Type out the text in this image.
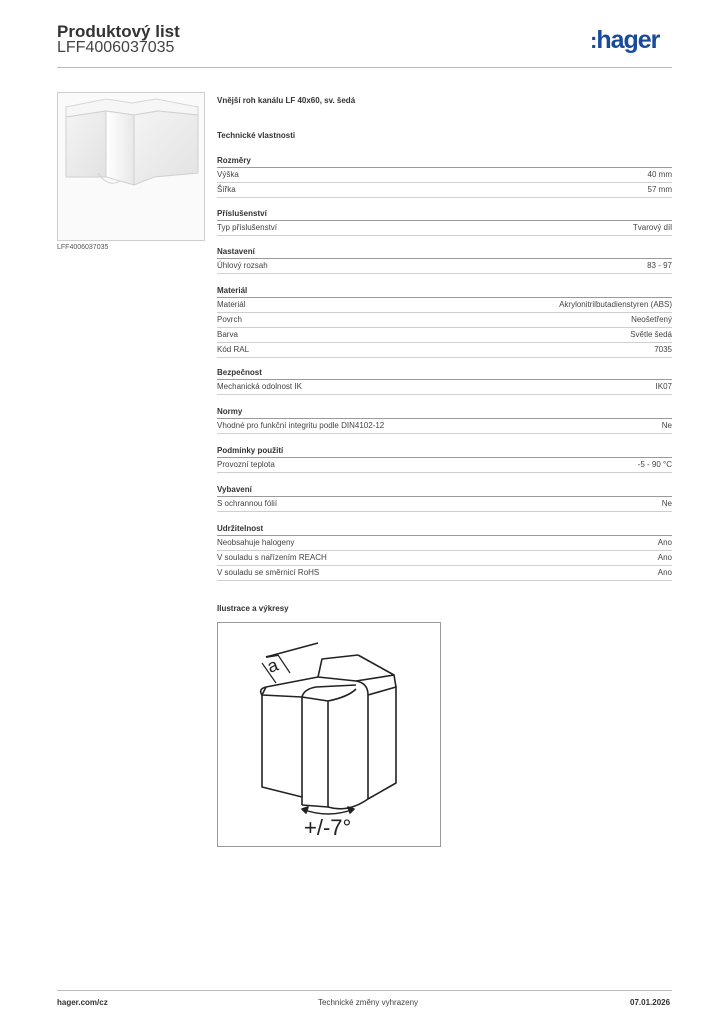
Produktový list
LFF4006037035	:hager
LFF4006037035
Vnější roh kanálu LF 40x60, sv. šedá
Technické vlastnosti
Rozměry
Výška	40 mm
Šířka	57 mm
Příslušenství
Typ příslušenství	Tvarový díl
Nastavení
Úhlový rozsah	83 - 97
Materiál
Materiál	Akrylonitrilbutadienstyren (ABS)
Povrch	Neošetřený
Barva	Světle šedá
Kód RAL	7035
Bezpečnost
Mechanická odolnost IK	IK07
Normy
Vhodné pro funkční integritu podle DIN4102-12	Ne
Podmínky použití
Provozní teplota	-5 - 90 °C
Vybavení
S ochrannou fólií	Ne
Udržitelnost
Neobsahuje halogeny	Ano
V souladu s nařízením REACH	Ano
V souladu se směrnicí RoHS	Ano
Ilustrace a výkresy
a
+/-7°
hager.com/cz	Technické změny vyhrazeny	07.01.2026
